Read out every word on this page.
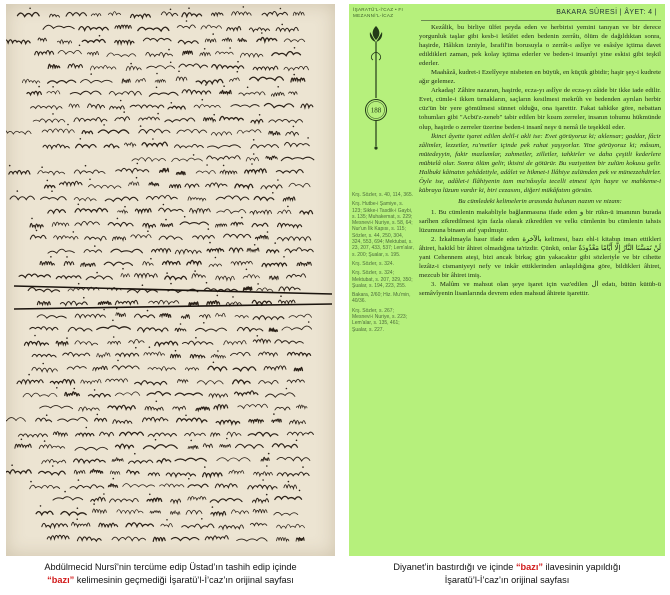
Abdülmecid Nursî’nin tercüme edip Üstad’ın tashih edip içinde
“bazı” kelimesinin geçmediği İşaratü’l-İ’caz’ın orijinal sayfası
İŞARATÜ'L-İ'CAZ • FI MEZANNİ'L-İCAZ	BAKARA SÛRESİ | ÂYET: 4 |
188
Krş. Sözler, s. 40, 114, 365.
Krş. Hutbe-i Şamiye, s. 123; Sikke-i Tasdik-i Gaybi, s. 135; Muhakemat, s. 229; Mesnevi-i Nuriye, s. 58, 64; Nur'un İlk Kapısı, s. 115; Sözler, s. 44, 250, 304, 324, 553, 694; Mektubat, s. 23, 207, 433, 537; Lem'alar, s. 200; Şualar, s. 195.
Krş. Sözler, s. 324.
Krş. Sözler, s. 324; Mektubat, s. 207, 329, 350; Şualar, s. 194, 223, 255.
Bakara, 2/60; Hiz. Mu'min, 40/36.
Krş. Sözler, s. 267; Mesnevi-i Nuriye, s. 223; Lem'alar, s. 135, 461; Şualar, s. 227.

Kezâlik, bu birliye ülfet peyda eden ve herbirisi yemini tanıyan ve bir derece yorgunluk taşlar gibi kesb-i letâfet eden bedenin zerrâtı, ölüm de dağıldıktan sonra, haşirde, Hâlıkın izniyle, İsrafil'in borusuyla o zerrât-ı aslîye ve esâsîye içtima davet edildikleri zaman, pek kolay içtima ederler ve beden-i insanîyi yine eskisi gibi teşkil ederler.

Maahâzâ, kudret-i Ezelîyeye nisbeten en büyük, en küçük gibidir; haşir şey-i kudrete ağır gelemez.

Arkadaş! Zâhire nazaran, haşirde, ecza-yı aslîye de ecza-yı zâide bir ikke iade edilir. Evet, cümle-i ikken tırnakların, saçların kesilmesi mekrûh ve bedenden ayrılan herbir cüz'ün bir yere gömülmesi sünnet olduğu, ona işarettir. Fakat tahkike göre, nebattan tohumları gibi "Acbü'z-zeneb" tabir edilen bir kısım zerreler, insanın tohumu hükmünde olup, haşirde o zerreler üzerine beden-i insanî neşv ü nemâ ile teşekkül eder.

İkinci âyette işaret edilen delil-i akli ise: Evet görüyoruz ki; aklensar; gaddar, fâcir zâlimler, lezzetler, ru'metler içinde pek rahat yaşıyorlar. Yine görüyoruz ki; mâsum, mütedeyyin, fakir mazlumlar, zahmetler, zilletler, tahkirler ve daha çeşitli kederlere mübtelâ olur. Sonra ölüm gelir, ikisini de götürür. Bu vaziyetten bir zulüm kokusu gelir. Halbuki kâinatın şehâdetiyle, adâlet ve hikmet-i İlâhiye zulümden pek ve münezzehdirler. Öyle ise, adâlet-i İlâhiyenin tam ma'nâsıyla tecelli etmesi için haşre ve mahkeme-i kübraya lüzum vardır ki, biri cezasını, diğeri mükâfatını görsün.

Bu cümledeki kelimelerin arasında bulunan nazım ve nizam:

1. Bu cümlenin makabliyle bağlanmasına ifade eden و bir rükn-ü imanının burada sarîhen zikredilmesi için fazla olarak zikredilen ve velkı cümlenin bu cümlenin tahsis lüzumuna binaen atıf yapılmıştır.

2. İzkaltmayla hasır ifade eden بالآخرة kelimesi, bazı ehl-i kitabın iman ettikleri âhiret, hakikî bir âhiret olmadığına ta'rizdir. Çünkü, onlar لَنْ تَمَسَّنَا النَّارُ إِلَّا أَيَّامًا مَعْدُودَةً yani Cehennem ateşi, bizi ancak birkaç gün yakacaktır gibi sözleriyle ve bir cihette lezâiz-i cismaniyeyi nefy ve inkâr ettiklerinden anlaşıldığına göre, bildikleri âhiret, mezcub bir âhiret imiş.

3. Malûm ve mahsut olan şeye işaret için vaz'edilen ال edatı, bütün kütüb-ü semâvîyenin lisanlarında devrem eden mahsud âhirete işarettir.

Diyanet’in bastırdığı ve içinde “bazı” ilavesinin yapıldığı
İşaratü’l-İ’caz’ın orijinal sayfası
